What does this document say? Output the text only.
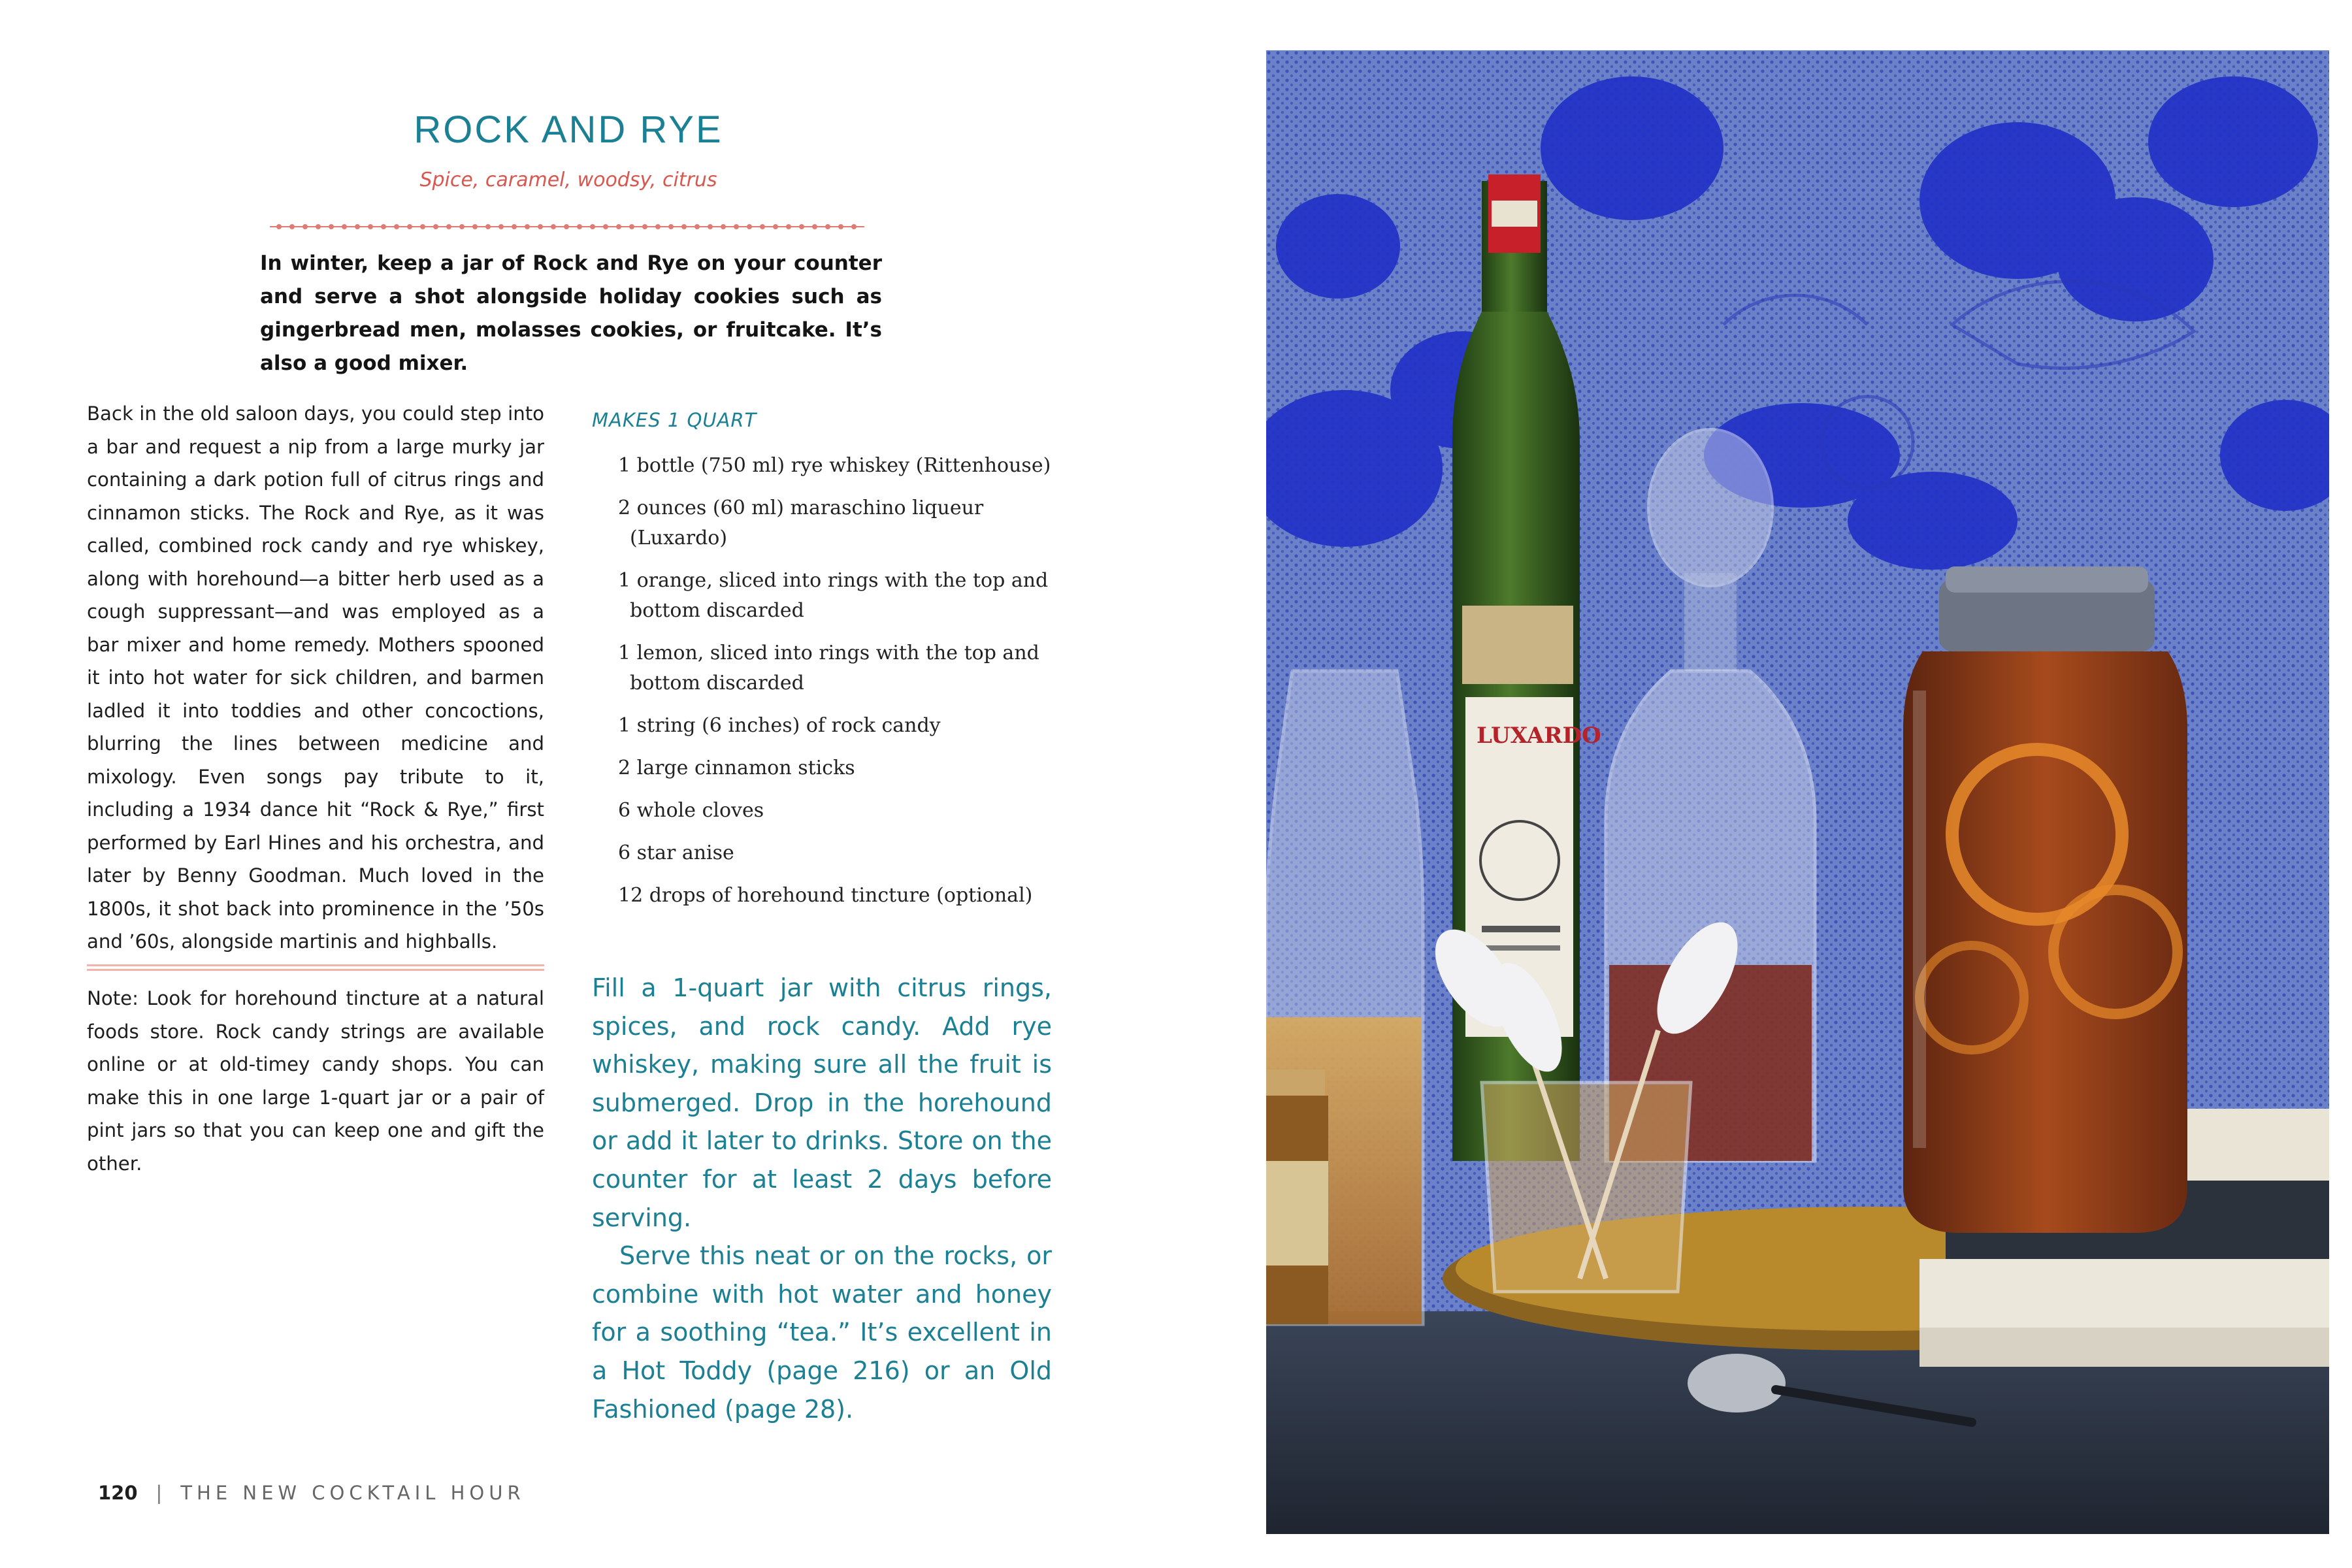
ROCK AND RYE
Spice, caramel, woodsy, citrus
In winter, keep a jar of Rock and Rye on your counter and serve a shot alongside holiday cookies such as gingerbread men, molasses cookies, or fruitcake. It’s also a good mixer.
Back in the old saloon days, you could step into a bar and request a nip from a large murky jar containing a dark potion full of citrus rings and cinnamon sticks. The Rock and Rye, as it was called, combined rock candy and rye whiskey, along with horehound—a bitter herb used as a cough suppressant—and was employed as a bar mixer and home remedy. Mothers spooned it into hot water for sick children, and barmen ladled it into toddies and other concoctions, blurring the lines between medicine and mixology. Even songs pay tribute to it, including a 1934 dance hit “Rock & Rye,” first performed by Earl Hines and his orchestra, and later by Benny Goodman. Much loved in the 1800s, it shot back into prominence in the ’50s and ’60s, alongside martinis and highballs.
Note: Look for horehound tincture at a natural foods store. Rock candy strings are available online or at old-timey candy shops. You can make this in one large 1-quart jar or a pair of pint jars so that you can keep one and gift the other.
MAKES 1 QUART
1 bottle (750 ml) rye whiskey (Rittenhouse)
2 ounces (60 ml) maraschino liqueur (Luxardo)
1 orange, sliced into rings with the top and bottom discarded
1 lemon, sliced into rings with the top and bottom discarded
1 string (6 inches) of rock candy
2 large cinnamon sticks
6 whole cloves
6 star anise
12 drops of horehound tincture (optional)

Fill a 1-quart jar with citrus rings, spices, and rock candy. Add rye whiskey, making sure all the fruit is submerged. Drop in the horehound or add it later to drinks. Store on the counter for at least 2 days before serving.

Serve this neat or on the rocks, or combine with hot water and honey for a soothing “tea.” It’s excellent in a Hot Toddy (page 216) or an Old Fashioned (page 28).

120 | THE NEW COCKTAIL HOUR
LUXARDO
